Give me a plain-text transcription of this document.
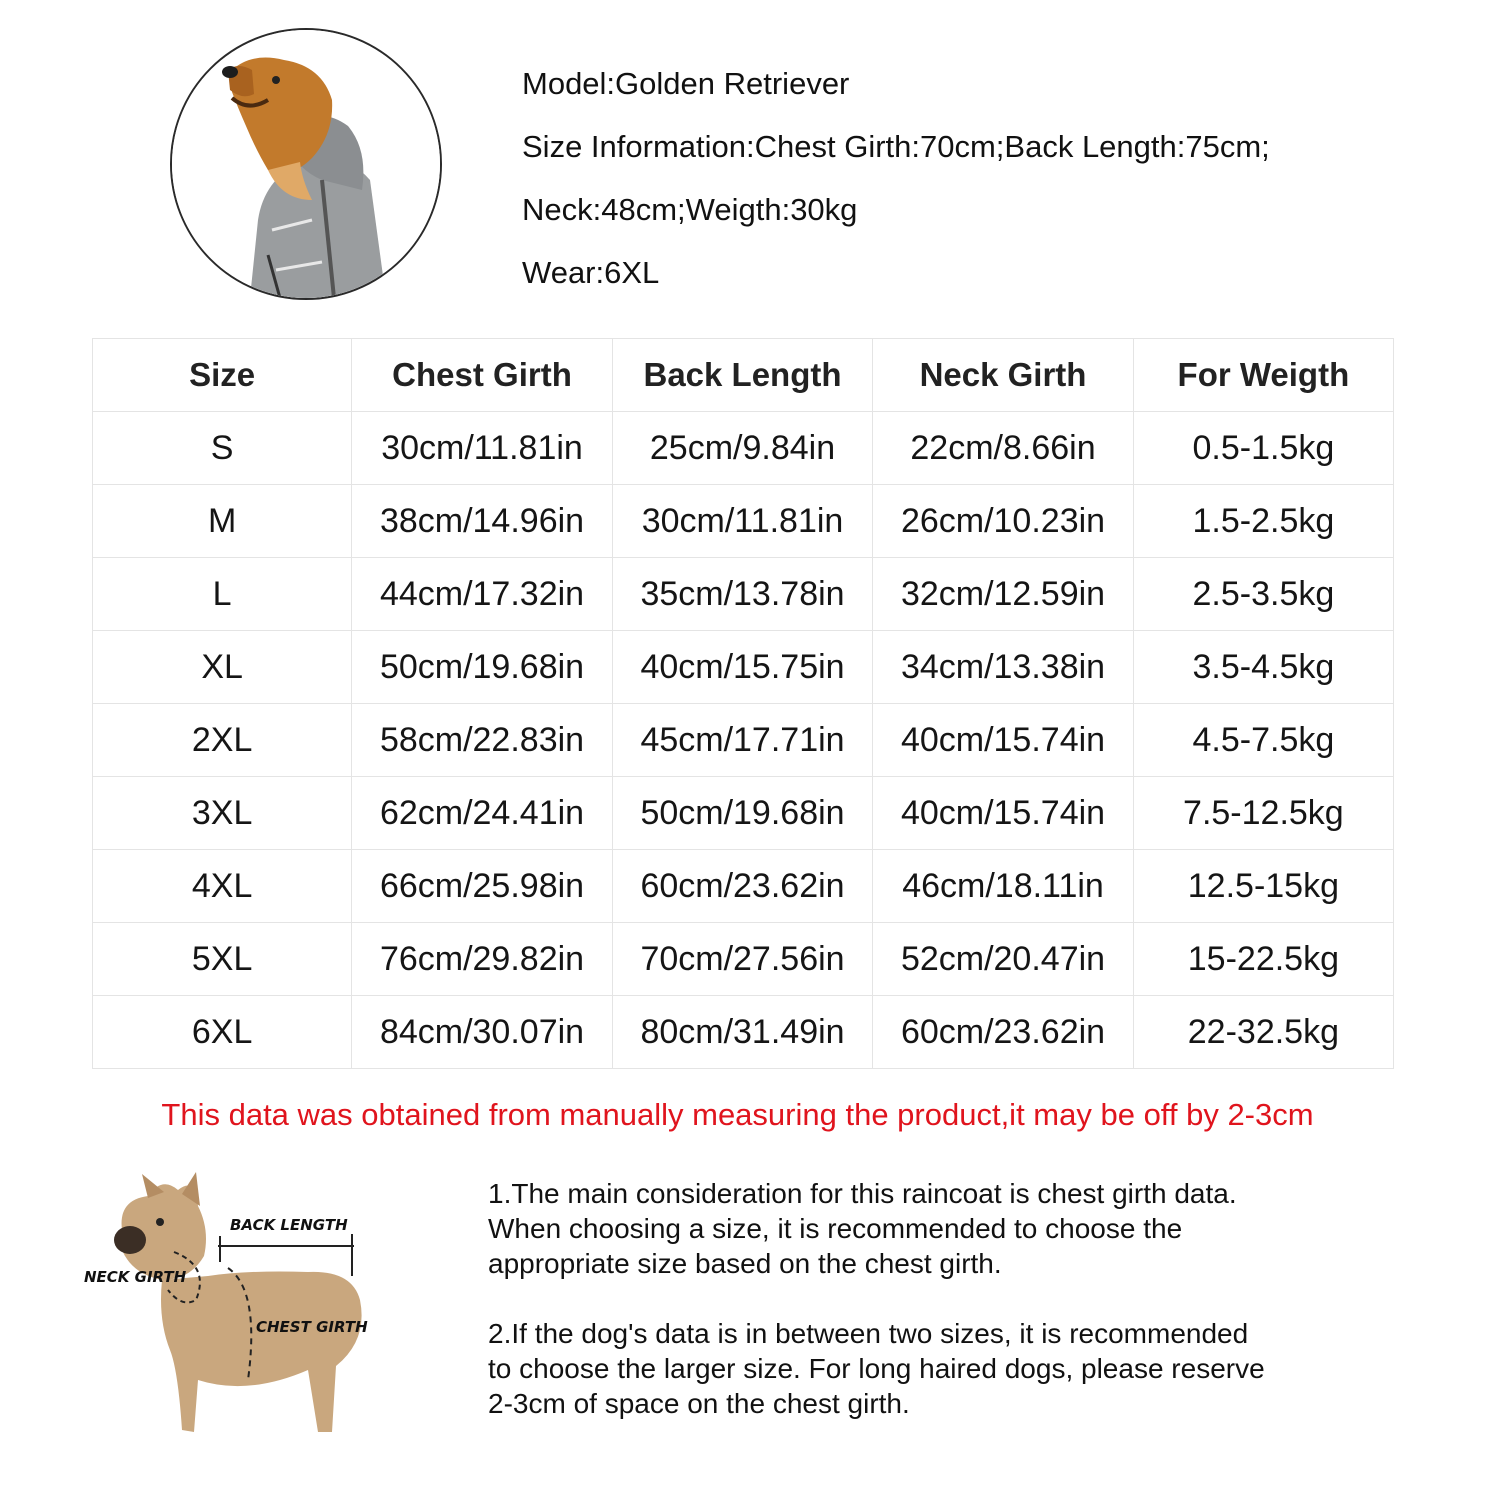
Model:Golden Retriever
Size Information:Chest Girth:70cm;Back Length:75cm;
Neck:48cm;Weigth:30kg
Wear:6XL
Size	Chest Girth	Back Length	Neck Girth	For Weigth
S	30cm/11.81in	25cm/9.84in	22cm/8.66in	0.5-1.5kg
M	38cm/14.96in	30cm/11.81in	26cm/10.23in	1.5-2.5kg
L	44cm/17.32in	35cm/13.78in	32cm/12.59in	2.5-3.5kg
XL	50cm/19.68in	40cm/15.75in	34cm/13.38in	3.5-4.5kg
2XL	58cm/22.83in	45cm/17.71in	40cm/15.74in	4.5-7.5kg
3XL	62cm/24.41in	50cm/19.68in	40cm/15.74in	7.5-12.5kg
4XL	66cm/25.98in	60cm/23.62in	46cm/18.11in	12.5-15kg
5XL	76cm/29.82in	70cm/27.56in	52cm/20.47in	15-22.5kg
6XL	84cm/30.07in	80cm/31.49in	60cm/23.62in	22-32.5kg
This data was obtained from manually measuring the product,it may be off by 2-3cm
BACK LENGTH
NECK GIRTH
CHEST GIRTH
1.The main consideration for this raincoat is chest girth data.
When choosing a size, it is recommended to choose the
appropriate size based on the chest girth.
2.If the dog's data is in between two sizes, it is recommended
to choose the larger size. For long haired dogs, please reserve
2-3cm of space on the chest girth.
